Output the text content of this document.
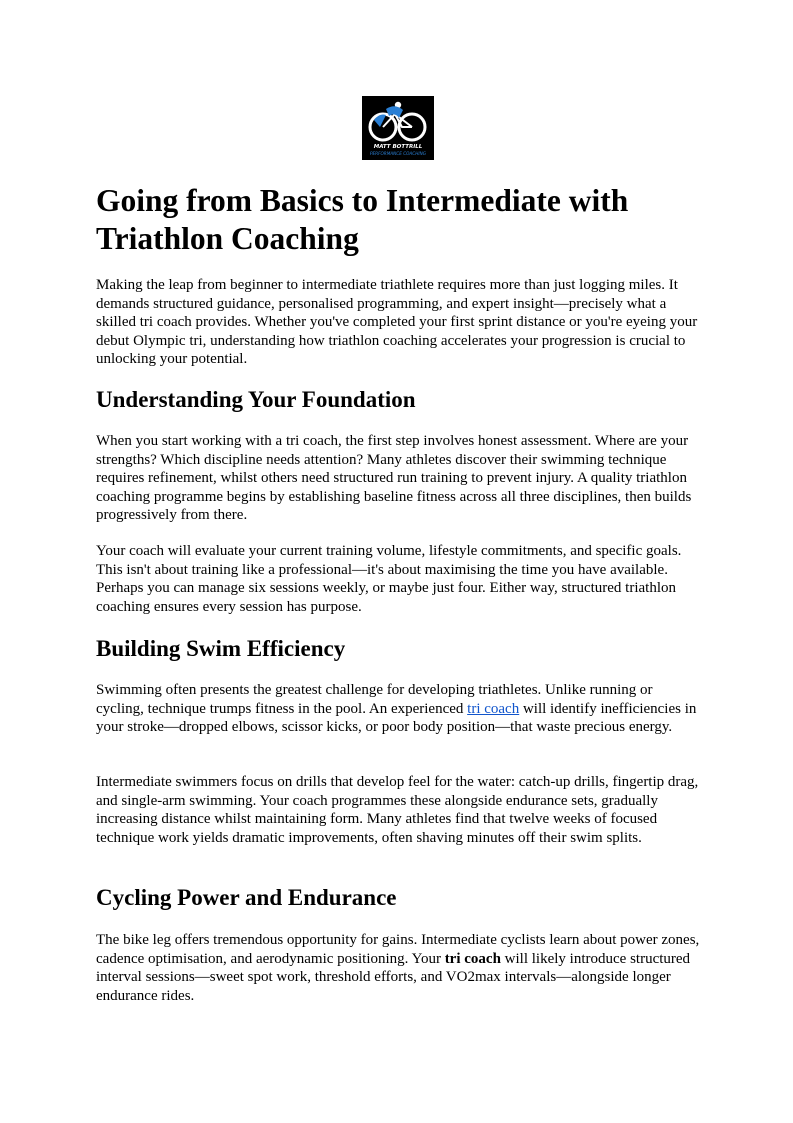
MATT BOTTRILL
PERFORMANCE COACHING
Going from Basics to Intermediate with Triathlon Coaching

Making the leap from beginner to intermediate triathlete requires more than just logging miles. It demands structured guidance, personalised programming, and expert insight—precisely what a skilled tri coach provides. Whether you've completed your first sprint distance or you're eyeing your debut Olympic tri, understanding how triathlon coaching accelerates your progression is crucial to unlocking your potential.

Understanding Your Foundation

When you start working with a tri coach, the first step involves honest assessment. Where are your strengths? Which discipline needs attention? Many athletes discover their swimming technique requires refinement, whilst others need structured run training to prevent injury. A quality triathlon coaching programme begins by establishing baseline fitness across all three disciplines, then builds progressively from there.

Your coach will evaluate your current training volume, lifestyle commitments, and specific goals. This isn't about training like a professional—it's about maximising the time you have available. Perhaps you can manage six sessions weekly, or maybe just four. Either way, structured triathlon coaching ensures every session has purpose.

Building Swim Efficiency

Swimming often presents the greatest challenge for developing triathletes. Unlike running or cycling, technique trumps fitness in the pool. An experienced tri coach will identify inefficiencies in your stroke—dropped elbows, scissor kicks, or poor body position—that waste precious energy.

Intermediate swimmers focus on drills that develop feel for the water: catch-up drills, fingertip drag, and single-arm swimming. Your coach programmes these alongside endurance sets, gradually increasing distance whilst maintaining form. Many athletes find that twelve weeks of focused technique work yields dramatic improvements, often shaving minutes off their swim splits.

Cycling Power and Endurance

The bike leg offers tremendous opportunity for gains. Intermediate cyclists learn about power zones, cadence optimisation, and aerodynamic positioning. Your tri coach will likely introduce structured interval sessions—sweet spot work, threshold efforts, and VO2max intervals—alongside longer endurance rides.
